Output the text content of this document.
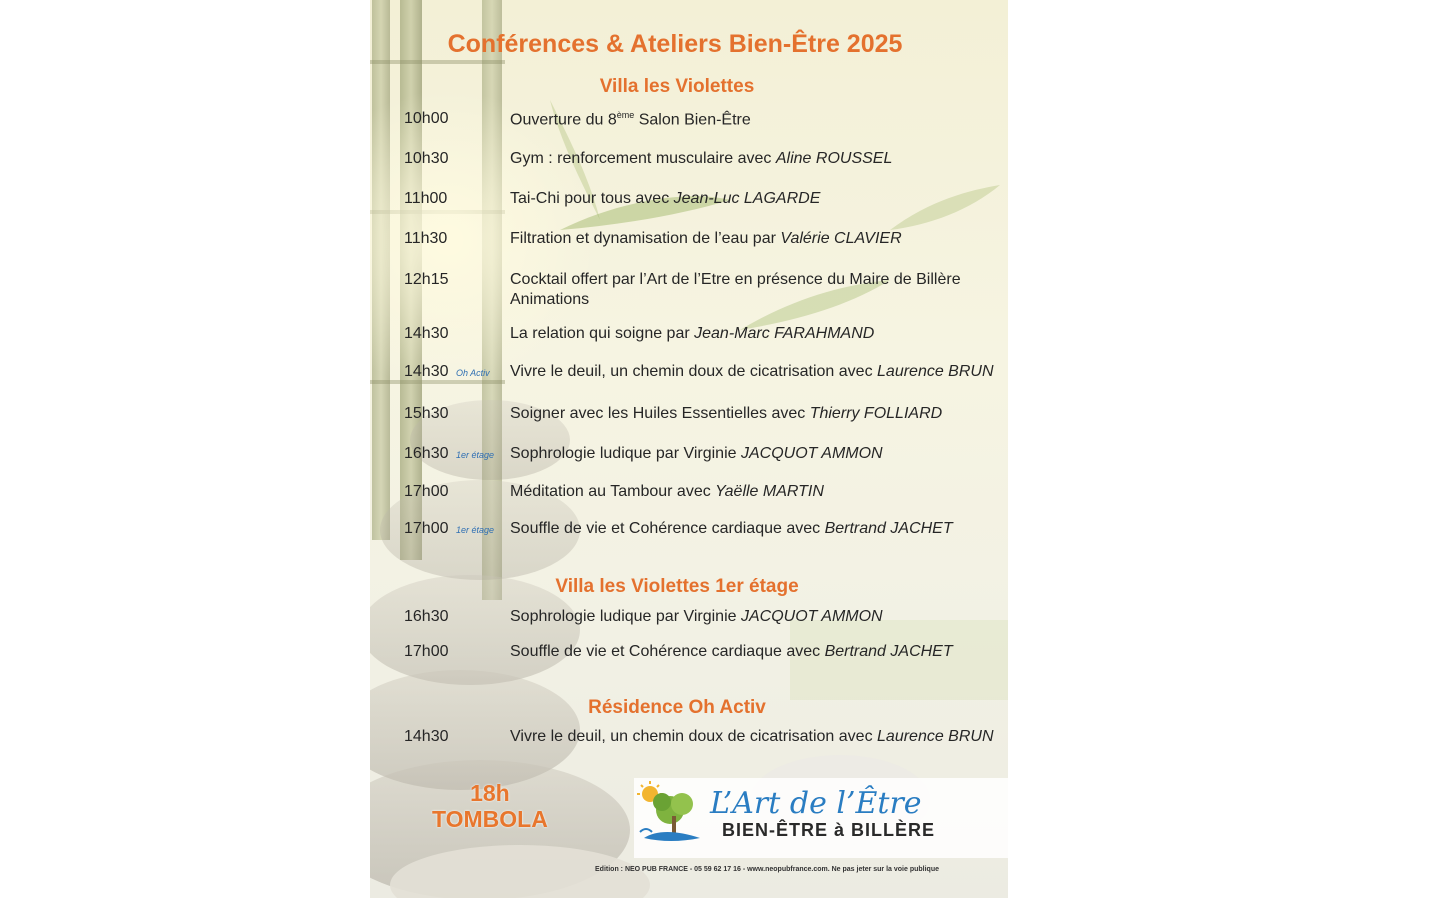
Conférences & Ateliers Bien-Être 2025
Villa les Violettes
10h00	Ouverture du 8ème Salon Bien-Être
10h30	Gym : renforcement musculaire avec Aline ROUSSEL
11h00	Tai-Chi pour tous avec Jean-Luc LAGARDE
11h30	Filtration et dynamisation de l’eau par Valérie CLAVIER
12h15	Cocktail offert par l’Art de l’Etre en présence du Maire de Billère
Animations
14h30	La relation qui soigne par Jean-Marc FARAHMAND
14h30 Oh Activ Vivre le deuil, un chemin doux de cicatrisation avec Laurence BRUN
15h30	Soigner avec les Huiles Essentielles avec Thierry FOLLIARD
16h30 1er étage Sophrologie ludique par Virginie JACQUOT AMMON
17h00	Méditation au Tambour avec Yaëlle MARTIN
17h00 1er étage Souffle de vie et Cohérence cardiaque avec Bertrand JACHET
Villa les Violettes 1er étage
16h30	Sophrologie ludique par Virginie JACQUOT AMMON
17h00	Souffle de vie et Cohérence cardiaque avec Bertrand JACHET
Résidence Oh Activ
14h30	Vivre le deuil, un chemin doux de cicatrisation avec Laurence BRUN
18h
TOMBOLA	L’Art de l’Être
BIEN-ÊTRE à BILLÈRE
Edition : NEO PUB FRANCE - 05 59 62 17 16 - www.neopubfrance.com. Ne pas jeter sur la voie publique
